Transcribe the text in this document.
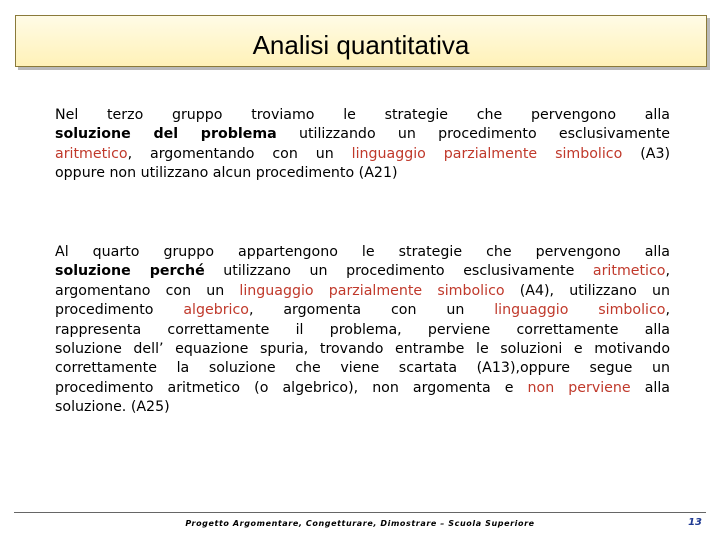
Analisi quantitativa
Nel terzo gruppo troviamo le strategie che pervengono alla
soluzione del problema utilizzando un procedimento esclusivamente
aritmetico, argomentando con un linguaggio parzialmente simbolico (A3)
oppure non utilizzano alcun procedimento (A21)
Al quarto gruppo appartengono le strategie che pervengono alla
soluzione perché utilizzano un procedimento esclusivamente aritmetico,
argomentano con un linguaggio parzialmente simbolico (A4), utilizzano un
procedimento algebrico, argomenta con un linguaggio simbolico,
rappresenta correttamente il problema, perviene correttamente alla
soluzione dell’ equazione spuria, trovando entrambe le soluzioni e motivando
correttamente la soluzione che viene scartata (A13),oppure segue un
procedimento aritmetico (o algebrico), non argomenta e non perviene alla
soluzione. (A25)
Progetto Argomentare, Congetturare, Dimostrare – Scuola Superiore	13
